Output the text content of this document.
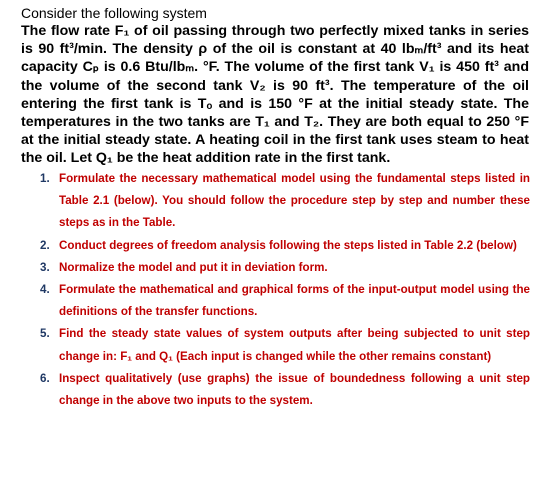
Consider the following system

The flow rate F₁ of oil passing through two perfectly mixed tanks in series is 90 ft³/min. The density ρ of the oil is constant at 40 lbₘ/ft³ and its heat capacity Cₚ is 0.6 Btu/lbₘ. °F. The volume of the first tank V₁ is 450 ft³ and the volume of the second tank V₂ is 90 ft³. The temperature of the oil entering the first tank is Tₒ and is 150 °F at the initial steady state. The temperatures in the two tanks are T₁ and T₂. They are both equal to 250 °F at the initial steady state. A heating coil in the first tank uses steam to heat the oil. Let Q₁ be the heat addition rate in the first tank.

1. Formulate the necessary mathematical model using the fundamental steps listed in Table 2.1 (below). You should follow the procedure step by step and number these steps as in the Table.
2. Conduct degrees of freedom analysis following the steps listed in Table 2.2 (below)
3. Normalize the model and put it in deviation form.
4. Formulate the mathematical and graphical forms of the input-output model using the definitions of the transfer functions.
5. Find the steady state values of system outputs after being subjected to unit step change in: F₁ and Q₁ (Each input is changed while the other remains constant)
6. Inspect qualitatively (use graphs) the issue of boundedness following a unit step change in the above two inputs to the system.
